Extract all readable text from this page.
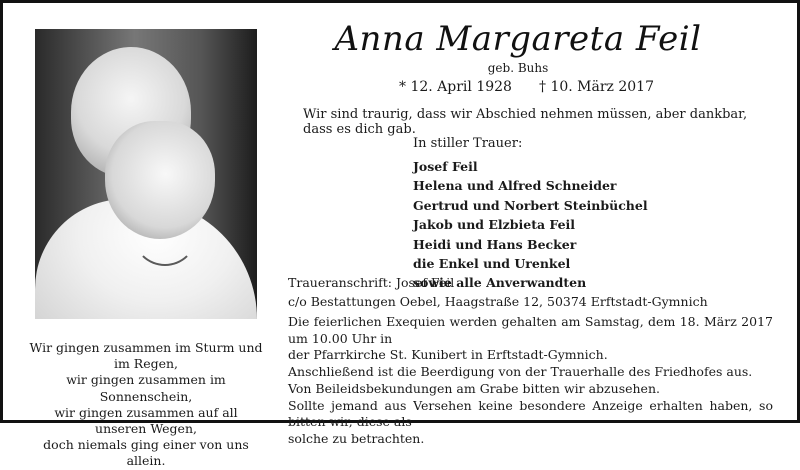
Anna Margareta Feil
geb. Buhs
* 12. April 1928 † 10. März 2017
Wir sind traurig, dass wir Abschied nehmen müssen, aber dankbar, dass es dich gab.
In stiller Trauer:
Josef Feil
Helena und Alfred Schneider
Gertrud und Norbert Steinbüchel
Jakob und Elzbieta Feil
Heidi und Hans Becker
die Enkel und Urenkel
sowie alle Anverwandten
Traueranschrift: Josef Feil
c/o Bestattungen Oebel, Haagstraße 12, 50374 Erftstadt-Gymnich
Die feierlichen Exequien werden gehalten am Samstag, dem 18. März 2017 um 10.00 Uhr in
der Pfarrkirche St. Kunibert in Erftstadt-Gymnich.
Anschließend ist die Beerdigung von der Trauerhalle des Friedhofes aus.
Von Beileidsbekundungen am Grabe bitten wir abzusehen.
Sollte jemand aus Versehen keine besondere Anzeige erhalten haben, so bitten wir, diese als
solche zu betrachten.
Wir gingen zusammen im Sturm und im Regen,
wir gingen zusammen im Sonnenschein,
wir gingen zusammen auf all unseren Wegen,
doch niemals ging einer von uns allein.
